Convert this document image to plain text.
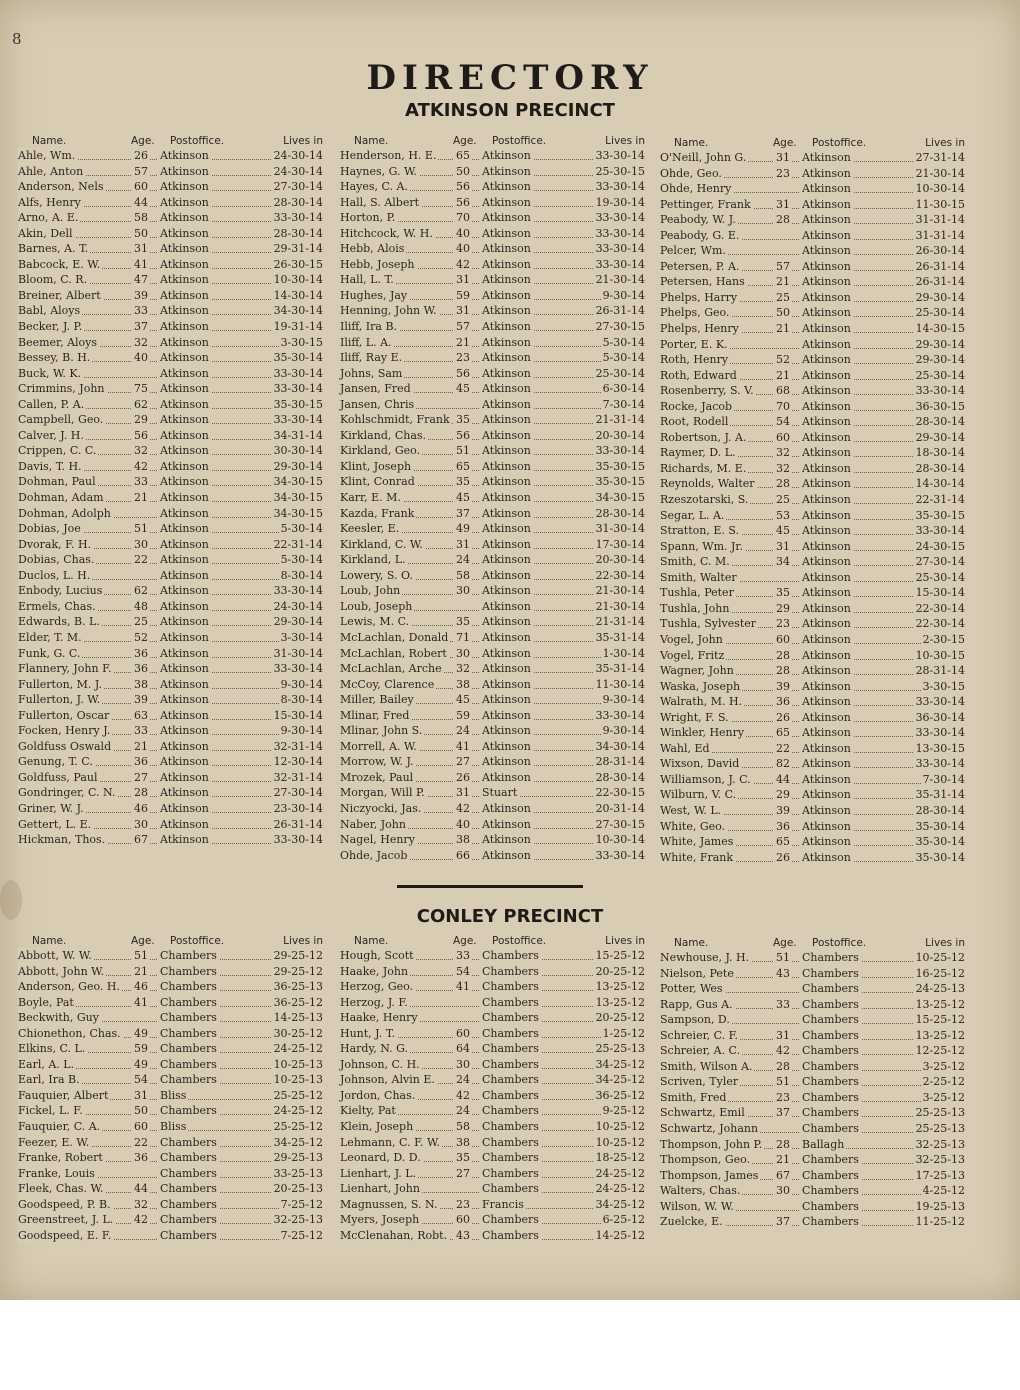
8
DIRECTORY
ATKINSON PRECINCT
Name.	Age. Postoffice.	Lives in
Ahle, Wm.	26 Atkinson	24-30-14
Ahle, Anton	57 Atkinson	24-30-14
Anderson, Nels	60 Atkinson	27-30-14
Alfs, Henry	44 Atkinson	28-30-14
Arno, A. E.	58 Atkinson	33-30-14
Akin, Dell	50 Atkinson	28-30-14
Barnes, A. T.	31 Atkinson	29-31-14
Babcock, E. W.	41 Atkinson	26-30-15
Bloom, C. R.	47 Atkinson	10-30-14
Breiner, Albert	39 Atkinson	14-30-14
Babl, Aloys	33 Atkinson	34-30-14
Becker, J. P.	37 Atkinson	19-31-14
Beemer, Aloys	32 Atkinson	3-30-15
Bessey, B. H.	40 Atkinson	35-30-14
Buck, W. K.	Atkinson	33-30-14
Crimmins, John	75 Atkinson	33-30-14
Callen, P. A.	62 Atkinson	35-30-15
Campbell, Geo.	29 Atkinson	33-30-14
Calver, J. H.	56 Atkinson	34-31-14
Crippen, C. C.	32 Atkinson	30-30-14
Davis, T. H.	42 Atkinson	29-30-14
Dohman, Paul	33 Atkinson	34-30-15
Dohman, Adam	21 Atkinson	34-30-15
Dohman, Adolph	Atkinson	34-30-15
Dobias, Joe	51 Atkinson	5-30-14
Dvorak, F. H.	30 Atkinson	22-31-14
Dobias, Chas.	22 Atkinson	5-30-14
Duclos, L. H.	Atkinson	8-30-14
Enbody, Lucius	62 Atkinson	33-30-14
Ermels, Chas.	48 Atkinson	24-30-14
Edwards, B. L.	25 Atkinson	29-30-14
Elder, T. M.	52 Atkinson	3-30-14
Funk, G. C.	36 Atkinson	31-30-14
Flannery, John F. 36 Atkinson	33-30-14
Fullerton, M. J.	38 Atkinson	9-30-14
Fullerton, J. W.	39 Atkinson	8-30-14
Fullerton, Oscar 63 Atkinson	15-30-14
Focken, Henry J. 33 Atkinson	9-30-14
Goldfuss Oswald 21 Atkinson	32-31-14
Genung, T. C.	36 Atkinson	12-30-14
Goldfuss, Paul	27 Atkinson	32-31-14
Gondringer, C. N. 28 Atkinson	27-30-14
Griner, W. J.	46 Atkinson	23-30-14
Gettert, L. E.	30 Atkinson	26-31-14
Hickman, Thos.	67 Atkinson	33-30-14
Name.	Age. Postoffice.	Lives in
Henderson, H. E. 65 Atkinson	33-30-14
Haynes, G. W.	50 Atkinson	25-30-15
Hayes, C. A.	56 Atkinson	33-30-14
Hall, S. Albert	56 Atkinson	19-30-14
Horton, P.	70 Atkinson	33-30-14
Hitchcock, W. H. 40 Atkinson	33-30-14
Hebb, Alois	40 Atkinson	33-30-14
Hebb, Joseph	42 Atkinson	33-30-14
Hall, L. T.	31 Atkinson	21-30-14
Hughes, Jay	59 Atkinson	9-30-14
Henning, John W. 31 Atkinson	26-31-14
Iliff, Ira B.	57 Atkinson	27-30-15
Iliff, L. A.	21 Atkinson	5-30-14
Iliff, Ray E.	23 Atkinson	5-30-14
Johns, Sam	56 Atkinson	25-30-14
Jansen, Fred	45 Atkinson	6-30-14
Jansen, Chris	Atkinson	7-30-14
Kohlschmidt, Frank 35 Atkinson	21-31-14
Kirkland, Chas.	56 Atkinson	20-30-14
Kirkland, Geo.	51 Atkinson	33-30-14
Klint, Joseph	65 Atkinson	35-30-15
Klint, Conrad	35 Atkinson	35-30-15
Karr, E. M.	45 Atkinson	34-30-15
Kazda, Frank	37 Atkinson	28-30-14
Keesler, E.	49 Atkinson	31-30-14
Kirkland, C. W.	31 Atkinson	17-30-14
Kirkland, L.	24 Atkinson	20-30-14
Lowery, S. O.	58 Atkinson	22-30-14
Loub, John	30 Atkinson	21-30-14
Loub, Joseph	Atkinson	21-30-14
Lewis, M. C.	35 Atkinson	21-31-14
McLachlan, Donald 71 Atkinson	35-31-14
McLachlan, Robert 30 Atkinson	1-30-14
McLachlan, Arche 32 Atkinson	35-31-14
McCoy, Clarence 38 Atkinson	11-30-14
Miller, Bailey	45 Atkinson	9-30-14
Mlinar, Fred	59 Atkinson	33-30-14
Mlinar, John S.	24 Atkinson	9-30-14
Morrell, A. W.	41 Atkinson	34-30-14
Morrow, W. J.	27 Atkinson	28-31-14
Mrozek, Paul	26 Atkinson	28-30-14
Morgan, Will P.	31 Stuart	22-30-15
Niczyocki, Jas.	42 Atkinson	20-31-14
Naber, John	40 Atkinson	27-30-15
Nagel, Henry	38 Atkinson	10-30-14
Ohde, Jacob	66 Atkinson	33-30-14
Name.	Age. Postoffice.	Lives in
O'Neill, John G.	31 Atkinson	27-31-14
Ohde, Geo.	23 Atkinson	21-30-14
Ohde, Henry	Atkinson	10-30-14
Pettinger, Frank 31 Atkinson	11-30-15
Peabody, W. J.	28 Atkinson	31-31-14
Peabody, G. E.	Atkinson	31-31-14
Pelcer, Wm.	Atkinson	26-30-14
Petersen, P. A.	57 Atkinson	26-31-14
Petersen, Hans	21 Atkinson	26-31-14
Phelps, Harry	25 Atkinson	29-30-14
Phelps, Geo.	50 Atkinson	25-30-14
Phelps, Henry	21 Atkinson	14-30-15
Porter, E. K.	Atkinson	29-30-14
Roth, Henry	52 Atkinson	29-30-14
Roth, Edward	21 Atkinson	25-30-14
Rosenberry, S. V. 68 Atkinson	33-30-14
Rocke, Jacob	70 Atkinson	36-30-15
Root, Rodell	54 Atkinson	28-30-14
Robertson, J. A.	60 Atkinson	29-30-14
Raymer, D. L.	32 Atkinson	18-30-14
Richards, M. E.	32 Atkinson	28-30-14
Reynolds, Walter 28 Atkinson	14-30-14
Rzeszotarski, S.	25 Atkinson	22-31-14
Segar, L. A.	53 Atkinson	35-30-15
Stratton, E. S.	45 Atkinson	33-30-14
Spann, Wm. Jr.	31 Atkinson	24-30-15
Smith, C. M.	34 Atkinson	27-30-14
Smith, Walter	Atkinson	25-30-14
Tushla, Peter	35 Atkinson	15-30-14
Tushla, John	29 Atkinson	22-30-14
Tushla, Sylvester 23 Atkinson	22-30-14
Vogel, John	60 Atkinson	2-30-15
Vogel, Fritz	28 Atkinson	10-30-15
Wagner, John	28 Atkinson	28-31-14
Waska, Joseph	39 Atkinson	3-30-15
Walrath, M. H.	36 Atkinson	33-30-14
Wright, F. S.	26 Atkinson	36-30-14
Winkler, Henry	65 Atkinson	33-30-14
Wahl, Ed	22 Atkinson	13-30-15
Wixson, David	82 Atkinson	33-30-14
Williamson, J. C. 44 Atkinson	7-30-14
Wilburn, V. C.	29 Atkinson	35-31-14
West, W. L.	39 Atkinson	28-30-14
White, Geo.	36 Atkinson	35-30-14
White, James	65 Atkinson	35-30-14
White, Frank	26 Atkinson	35-30-14
CONLEY PRECINCT
Name.	Age. Postoffice.	Lives in
Abbott, W. W.	51 Chambers	29-25-12
Abbott, John W.	21 Chambers	29-25-12
Anderson, Geo. H. 46 Chambers	36-25-13
Boyle, Pat	41 Chambers	36-25-12
Beckwith, Guy	Chambers	14-25-13
Chionethon, Chas. 49 Chambers	30-25-12
Elkins, C. L.	59 Chambers	24-25-12
Earl, A. L.	49 Chambers	10-25-13
Earl, Ira B.	54 Chambers	10-25-13
Fauquier, Albert 31 Bliss	25-25-12
Fickel, L. F.	50 Chambers	24-25-12
Fauquier, C. A.	60 Bliss	25-25-12
Feezer, E. W.	22 Chambers	34-25-12
Franke, Robert	36 Chambers	29-25-13
Franke, Louis	Chambers	33-25-13
Fleek, Chas. W.	44 Chambers	20-25-13
Goodspeed, P. B. 32 Chambers	7-25-12
Greenstreet, J. L. 42 Chambers	32-25-13
Goodspeed, E. F.	Chambers	7-25-12
Name.	Age. Postoffice.	Lives in
Hough, Scott	33 Chambers	15-25-12
Haake, John	54 Chambers	20-25-12
Herzog, Geo.	41 Chambers	13-25-12
Herzog, J. F.	Chambers	13-25-12
Haake, Henry	Chambers	20-25-12
Hunt, J. T.	60 Chambers	1-25-12
Hardy, N. G.	64 Chambers	25-25-13
Johnson, C. H.	30 Chambers	34-25-12
Johnson, Alvin E. 24 Chambers	34-25-12
Jordon, Chas.	42 Chambers	36-25-12
Kielty, Pat	24 Chambers	9-25-12
Klein, Joseph	58 Chambers	10-25-12
Lehmann, C. F. W. 38 Chambers	10-25-12
Leonard, D. D.	35 Chambers	18-25-12
Lienhart, J. L.	27 Chambers	24-25-12
Lienhart, John	Chambers	24-25-12
Magnussen, S. N. 23 Francis	34-25-12
Myers, Joseph	60 Chambers	6-25-12
McClenahan, Robt. 43 Chambers	14-25-12
Name.	Age. Postoffice.	Lives in
Newhouse, J. H. 51 Chambers	10-25-12
Nielson, Pete	43 Chambers	16-25-12
Potter, Wes	Chambers	24-25-13
Rapp, Gus A.	33 Chambers	13-25-12
Sampson, D.	Chambers	15-25-12
Schreier, C. F.	31 Chambers	13-25-12
Schreier, A. C.	42 Chambers	12-25-12
Smith, Wilson A. 28 Chambers	3-25-12
Scriven, Tyler	51 Chambers	2-25-12
Smith, Fred	23 Chambers	3-25-12
Schwartz, Emil	37 Chambers	25-25-13
Schwartz, Johann	Chambers	25-25-13
Thompson, John P. 28 Ballagh	32-25-13
Thompson, Geo. 21 Chambers	32-25-13
Thompson, James 67 Chambers	17-25-13
Walters, Chas.	30 Chambers	4-25-12
Wilson, W. W.	Chambers	19-25-13
Zuelcke, E.	37 Chambers	11-25-12
